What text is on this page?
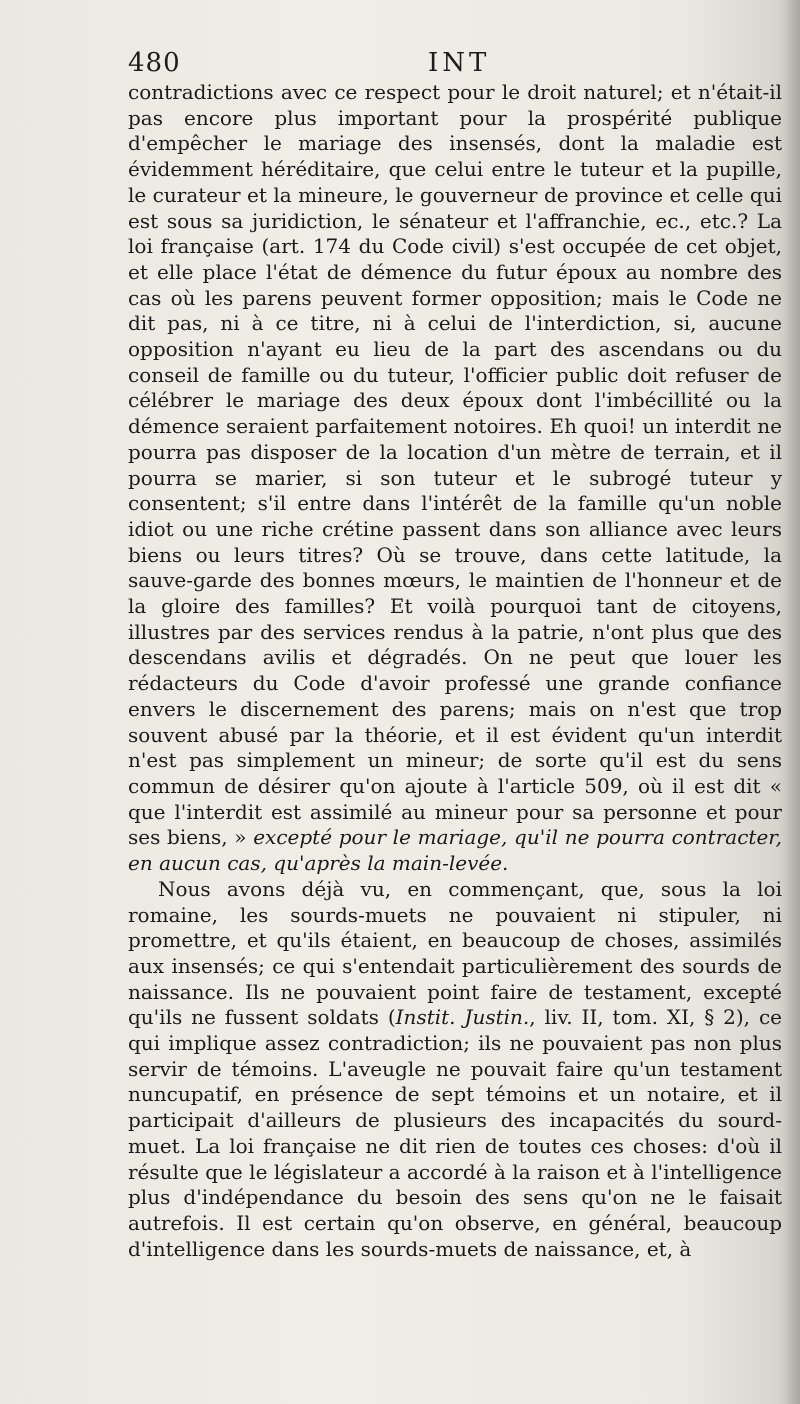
480	INT

contradictions avec ce respect pour le droit naturel; et n'était-il pas encore plus important pour la prospérité publique d'empêcher le mariage des insensés, dont la maladie est évidemment héréditaire, que celui entre le tuteur et la pupille, le curateur et la mineure, le gouverneur de province et celle qui est sous sa juridiction, le sénateur et l'affranchie, ec., etc.? La loi française (art. 174 du Code civil) s'est occupée de cet objet, et elle place l'état de démence du futur époux au nombre des cas où les parens peuvent former opposition; mais le Code ne dit pas, ni à ce titre, ni à celui de l'interdiction, si, aucune opposition n'ayant eu lieu de la part des ascendans ou du conseil de famille ou du tuteur, l'officier public doit refuser de célébrer le mariage des deux époux dont l'imbécillité ou la démence seraient parfaitement notoires. Eh quoi! un interdit ne pourra pas disposer de la location d'un mètre de terrain, et il pourra se marier, si son tuteur et le subrogé tuteur y consentent; s'il entre dans l'intérêt de la famille qu'un noble idiot ou une riche crétine passent dans son alliance avec leurs biens ou leurs titres? Où se trouve, dans cette latitude, la sauve-garde des bonnes mœurs, le maintien de l'honneur et de la gloire des familles? Et voilà pourquoi tant de citoyens, illustres par des services rendus à la patrie, n'ont plus que des descendans avilis et dégradés. On ne peut que louer les rédacteurs du Code d'avoir professé une grande confiance envers le discernement des parens; mais on n'est que trop souvent abusé par la théorie, et il est évident qu'un interdit n'est pas simplement un mineur; de sorte qu'il est du sens commun de désirer qu'on ajoute à l'article 509, où il est dit « que l'interdit est assimilé au mineur pour sa personne et pour ses biens, » excepté pour le mariage, qu'il ne pourra contracter, en aucun cas, qu'après la main-levée.

Nous avons déjà vu, en commençant, que, sous la loi romaine, les sourds-muets ne pouvaient ni stipuler, ni promettre, et qu'ils étaient, en beaucoup de choses, assimilés aux insensés; ce qui s'entendait particulièrement des sourds de naissance. Ils ne pouvaient point faire de testament, excepté qu'ils ne fussent soldats (Instit. Justin., liv. II, tom. XI, § 2), ce qui implique assez contradiction; ils ne pouvaient pas non plus servir de témoins. L'aveugle ne pouvait faire qu'un testament nuncupatif, en présence de sept témoins et un notaire, et il participait d'ailleurs de plusieurs des incapacités du sourd-muet. La loi française ne dit rien de toutes ces choses: d'où il résulte que le législateur a accordé à la raison et à l'intelligence plus d'indépendance du besoin des sens qu'on ne le faisait autrefois. Il est certain qu'on observe, en général, beaucoup d'intelligence dans les sourds-muets de naissance, et, à
